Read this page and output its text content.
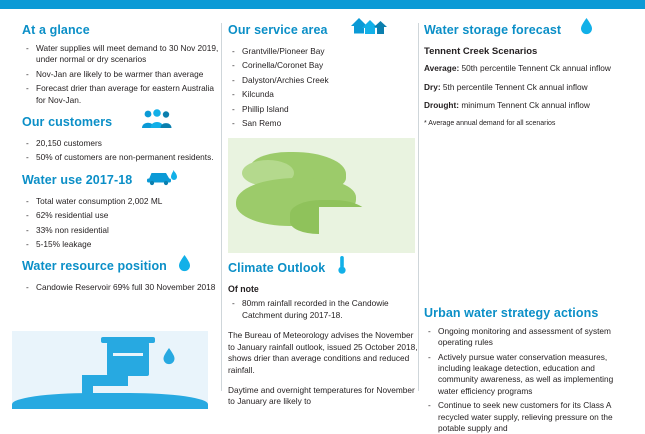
At a glance
- Water supplies will meet demand to 30 Nov 2019, under normal or dry scenarios
- Nov-Jan are likely to be warmer than average
- Forecast drier than average for eastern Australia for Nov-Jan.
Our customers
- 20,150 customers
- 50% of customers are non-permanent residents.
Water use 2017-18
- Total water consumption 2,002 ML
- 62% residential use
- 33% non residential
- 5-15% leakage
Water resource position
- Candowie Reservoir 69% full 30 November 2018
Our service area
- Grantville/Pioneer Bay
- Corinella/Coronet Bay
- Dalyston/Archies Creek
- Kilcunda
- Phillip Island
- San Remo
Climate Outlook
Of note
- 80mm rainfall recorded in the Candowie Catchment during 2017-18.

The Bureau of Meteorology advises the November to January rainfall outlook, issued 25 October 2018, shows drier than average conditions and reduced rainfall.

Daytime and overnight temperatures for November to January are likely to

Water storage forecast
Tennent Creek Scenarios

Average: 50th percentile Tennent Ck annual inflow

Dry: 5th percentile Tennent Ck annual inflow

Drought: minimum Tennent Ck annual inflow

* Average annual demand for all scenarios

Urban water strategy actions
- Ongoing monitoring and assessment of system operating rules
- Actively pursue water conservation measures, including leakage detection, education and community awareness, as well as implementing water efficiency programs
- Continue to seek new customers for its Class A recycled water supply, relieving pressure on the potable supply and
